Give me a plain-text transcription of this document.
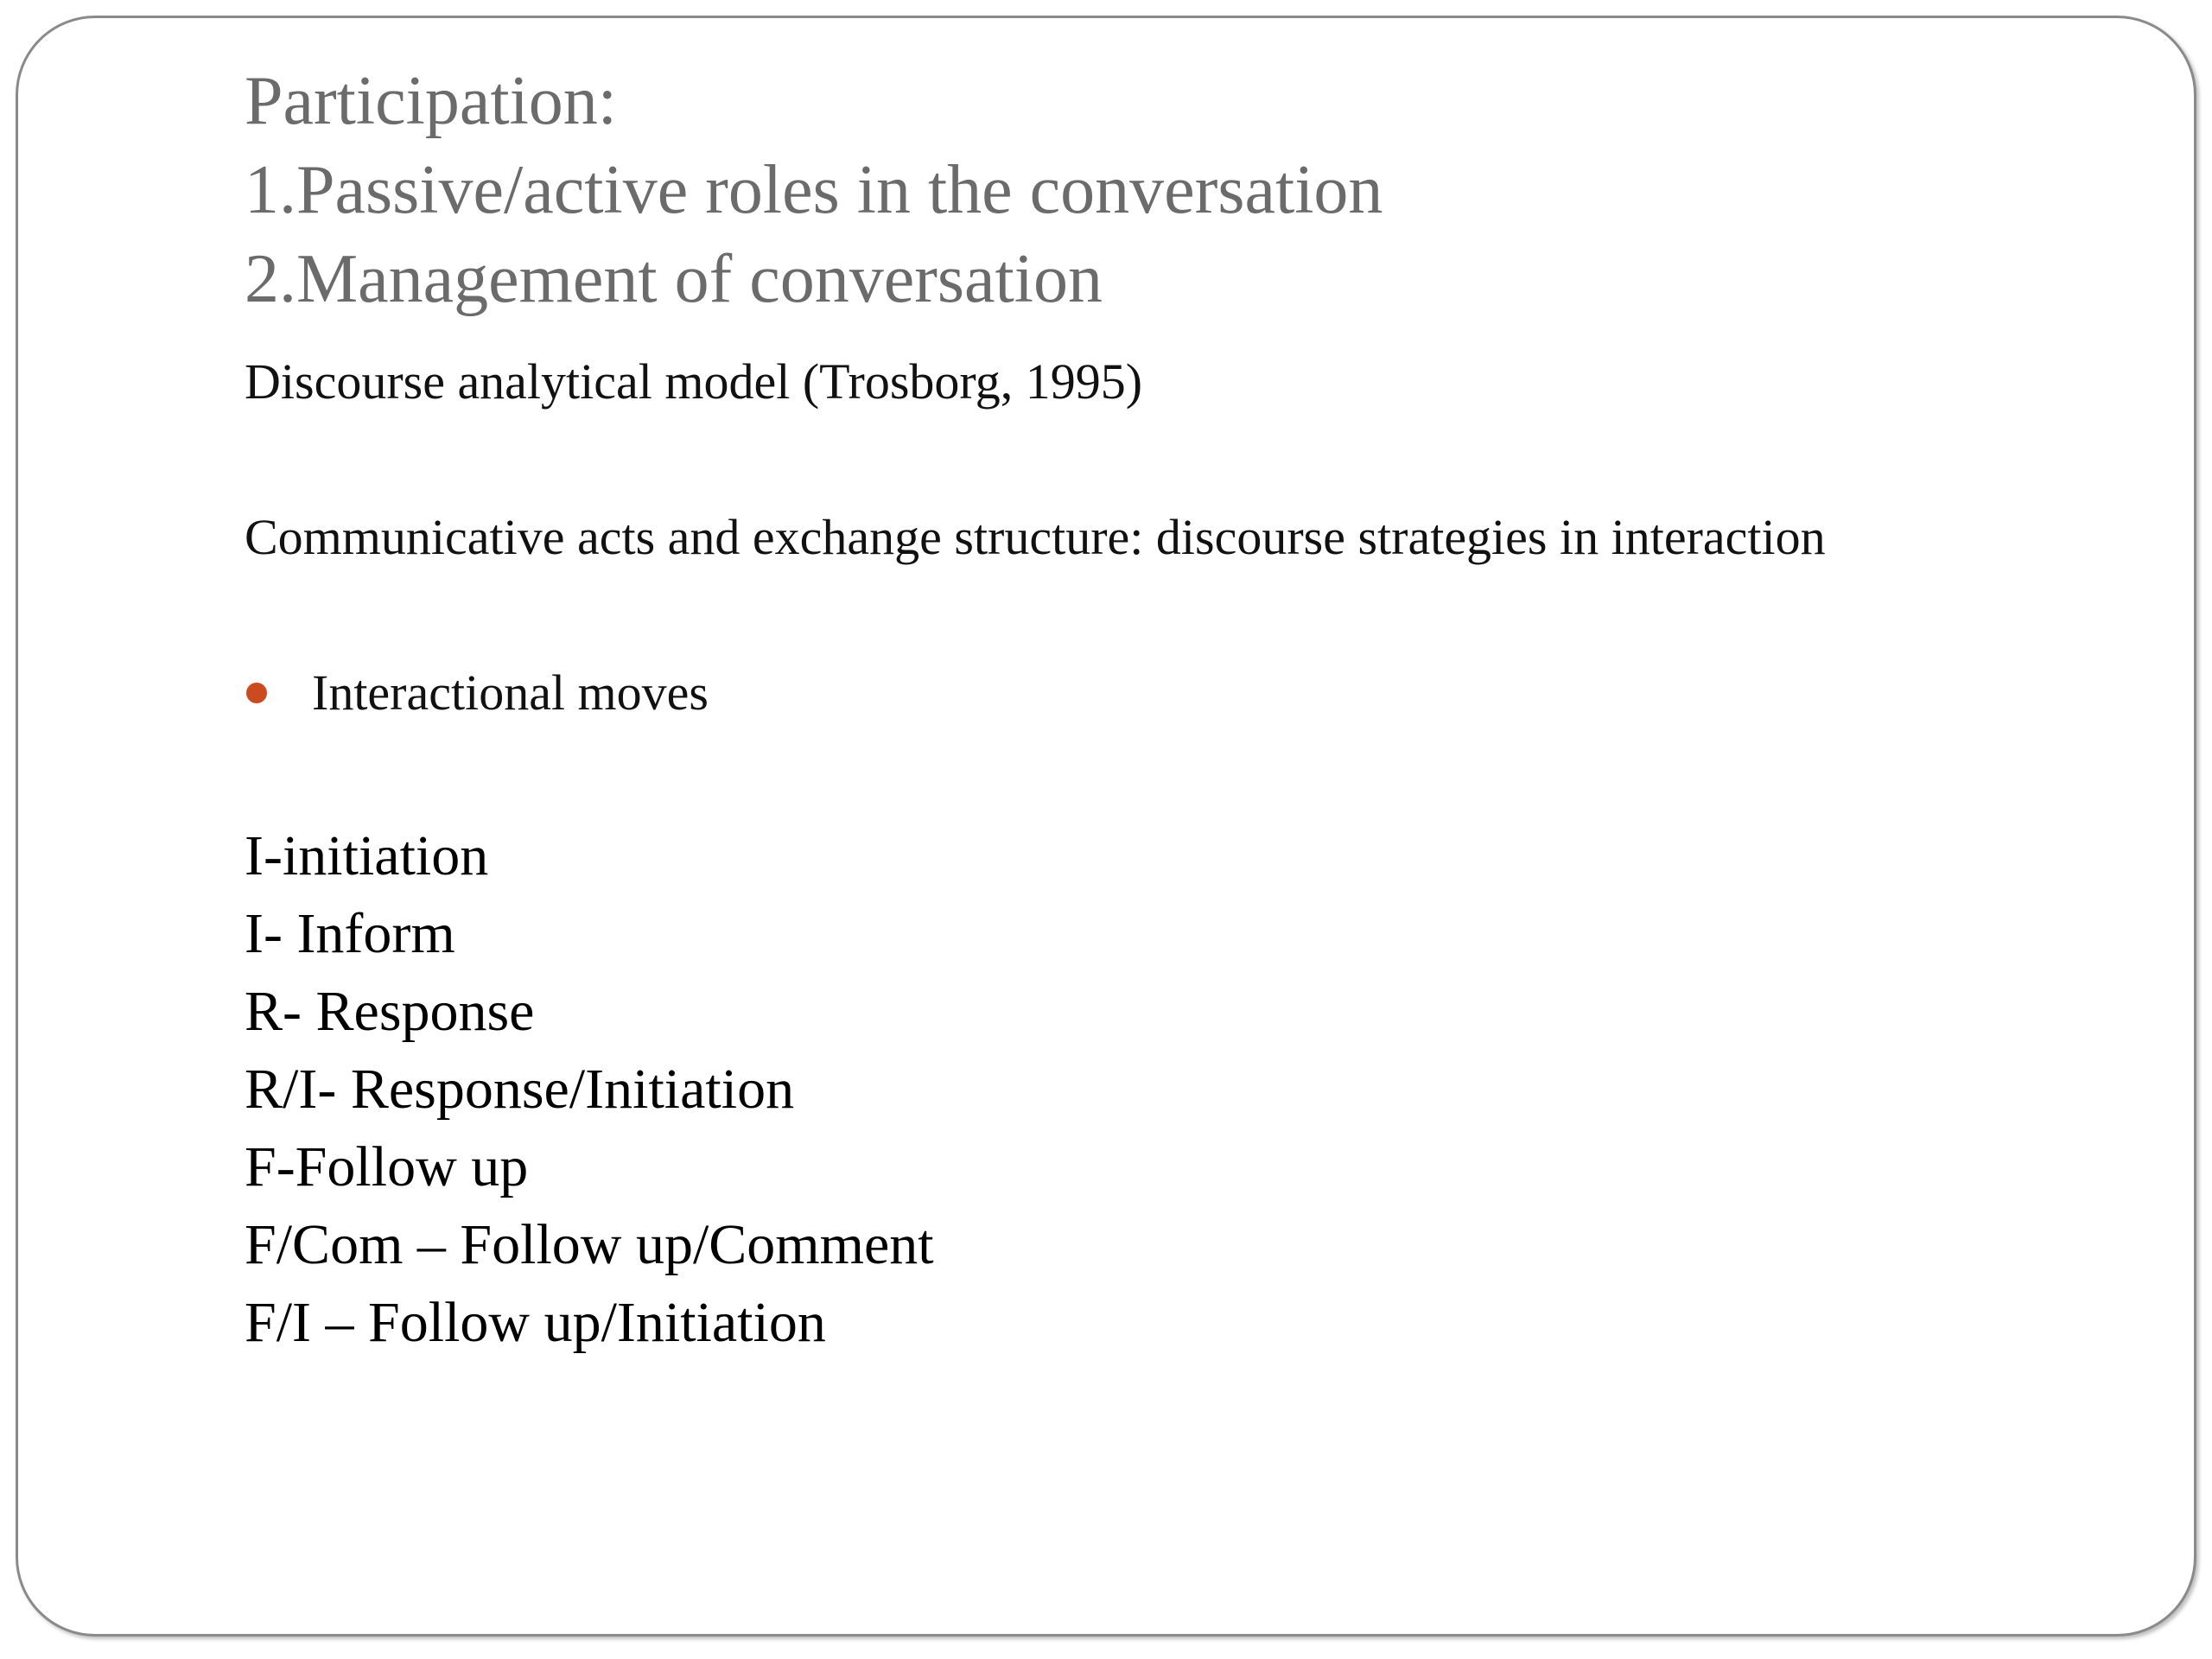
Participation:
1.Passive/active roles in the conversation
2.Management of conversation
Discourse analytical model (Trosborg, 1995)
Communicative acts and exchange structure: discourse strategies in interaction
Interactional moves
I-initiation
I- Inform
R- Response
R/I- Response/Initiation
F-Follow up
F/Com – Follow up/Comment
F/I – Follow up/Initiation
